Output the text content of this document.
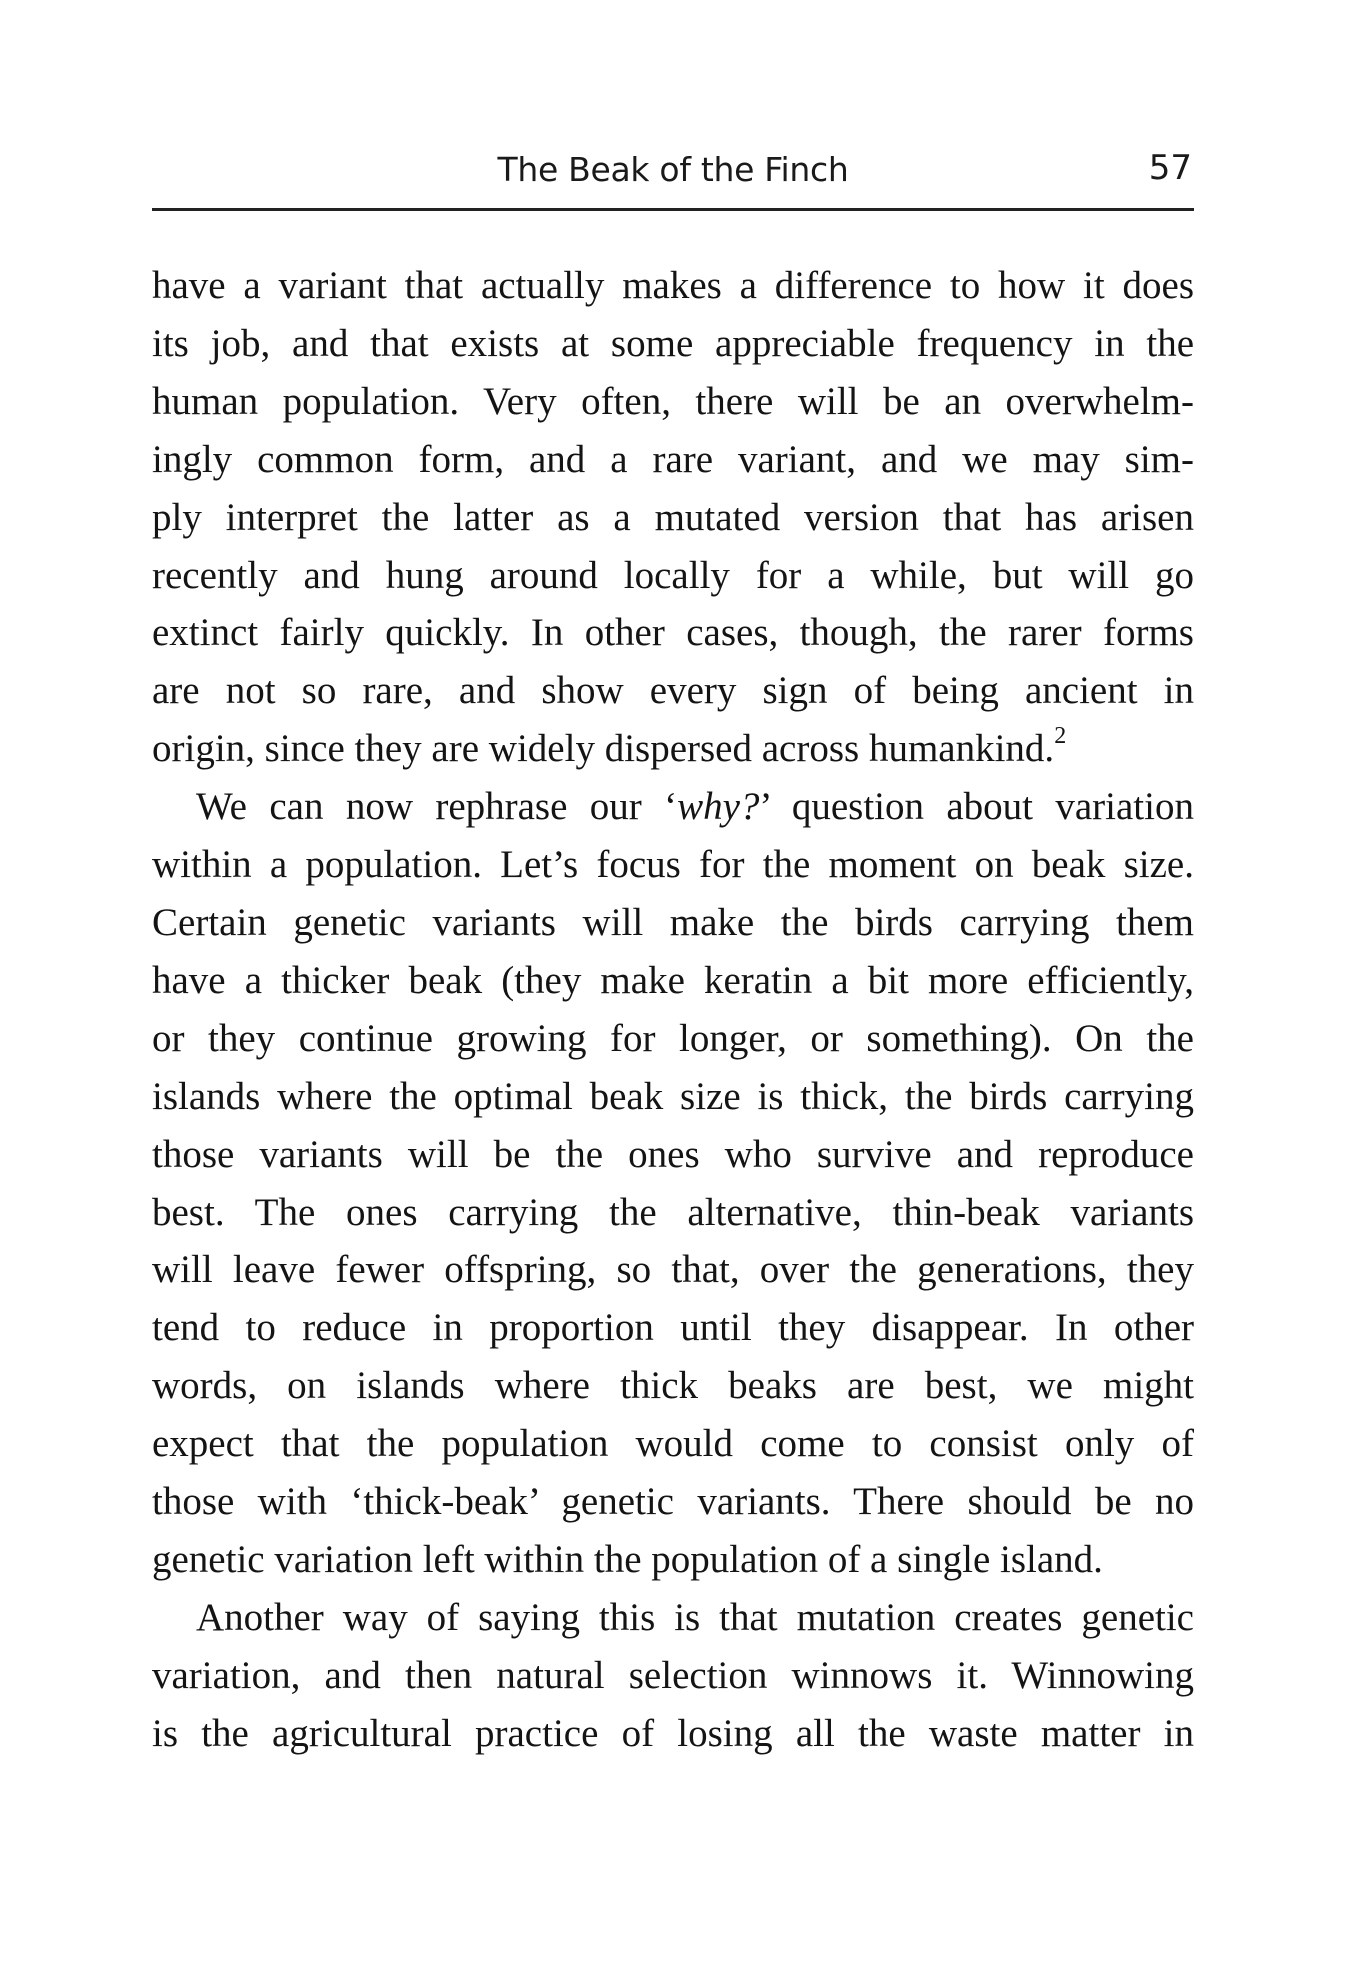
The Beak of the Finch	57
have a variant that actually makes a difference to how it does
its job, and that exists at some appreciable frequency in the
human population. Very often, there will be an overwhelm-
ingly common form, and a rare variant, and we may sim-
ply interpret the latter as a mutated version that has arisen
recently and hung around locally for a while, but will go
extinct fairly quickly. In other cases, though, the rarer forms
are not so rare, and show every sign of being ancient in
origin, since they are widely dispersed across humankind.$^2$
We can now rephrase our ‘why?’ question about variation
within a population. Let’s focus for the moment on beak size.
Certain genetic variants will make the birds carrying them
have a thicker beak (they make keratin a bit more efficiently,
or they continue growing for longer, or something). On the
islands where the optimal beak size is thick, the birds carrying
those variants will be the ones who survive and reproduce
best. The ones carrying the alternative, thin-beak variants
will leave fewer offspring, so that, over the generations, they
tend to reduce in proportion until they disappear. In other
words, on islands where thick beaks are best, we might
expect that the population would come to consist only of
those with ‘thick-beak’ genetic variants. There should be no
genetic variation left within the population of a single island.
Another way of saying this is that mutation creates genetic
variation, and then natural selection winnows it. Winnowing
is the agricultural practice of losing all the waste matter in
